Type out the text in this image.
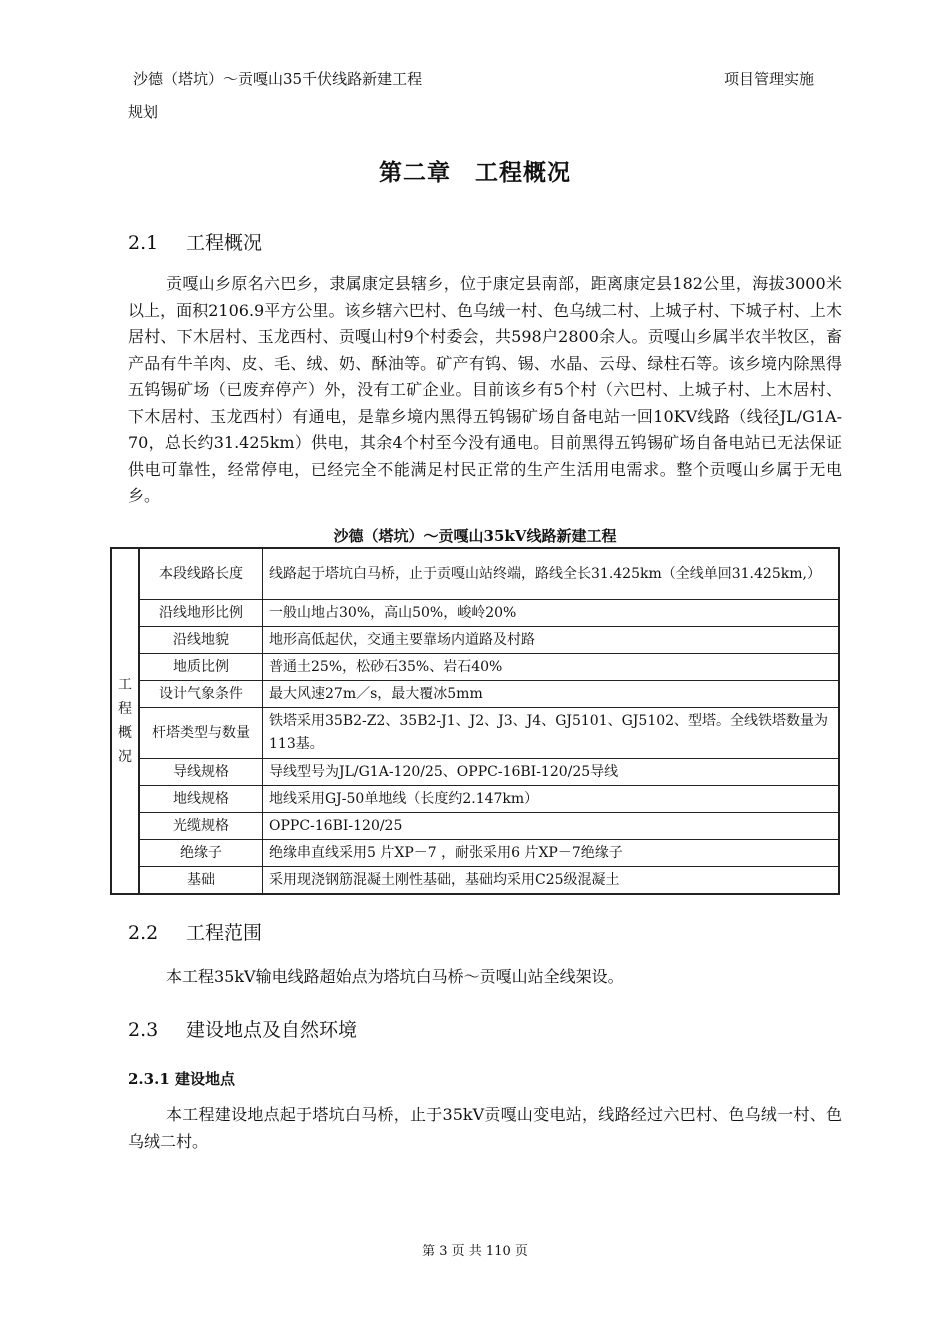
沙德（塔坑）～贡嘎山35千伏线路新建工程	项目管理实施
规划
第二章　工程概况
2.1 工程概况
贡嘎山乡原名六巴乡，隶属康定县辖乡，位于康定县南部，距离康定县182公里，海拔3000米以上，面积2106.9平方公里。该乡辖六巴村、色乌绒一村、色乌绒二村、上城子村、下城子村、上木居村、下木居村、玉龙西村、贡嘎山村9个村委会，共598户2800余人。贡嘎山乡属半农半牧区，畜产品有牛羊肉、皮、毛、绒、奶、酥油等。矿产有钨、锡、水晶、云母、绿柱石等。该乡境内除黑得五钨锡矿场（已废弃停产）外，没有工矿企业。目前该乡有5个村（六巴村、上城子村、上木居村、下木居村、玉龙西村）有通电，是靠乡境内黑得五钨锡矿场自备电站一回10KV线路（线径JL/G1A-70，总长约31.425km）供电，其余4个村至今没有通电。目前黑得五钨锡矿场自备电站已无法保证供电可靠性，经常停电，已经完全不能满足村民正常的生产生活用电需求。整个贡嘎山乡属于无电乡。
沙德（塔坑）～贡嘎山35kV线路新建工程
工
程
概
况	本段线路长度	线路起于塔坑白马桥，止于贡嘎山站终端，路线全长31.425km（全线单回31.425km,）
	沿线地形比例	一般山地占30%，高山50%，峻岭20%
	沿线地貌	地形高低起伏，交通主要靠场内道路及村路
	地质比例	普通土25%，松砂石35%、岩石40%
	设计气象条件	最大风速27m／s，最大覆冰5mm
	杆塔类型与数量	铁塔采用35B2-Z2、35B2-J1、J2、J3、J4、GJ5101、GJ5102、型塔。全线铁塔数量为113基。
	导线规格	导线型号为JL/G1A-120/25、OPPC-16BI-120/25导线
	地线规格	地线采用GJ-50单地线（长度约2.147km）
	光缆规格	OPPC-16BI-120/25
	绝缘子	绝缘串直线采用5 片XP－7 ，耐张采用6 片XP－7绝缘子
	基础	采用现浇钢筋混凝土刚性基础，基础均采用C25级混凝土
2.2 工程范围
本工程35kV输电线路超始点为塔坑白马桥～贡嘎山站全线架设。
2.3 建设地点及自然环境
2.3.1 建设地点
本工程建设地点起于塔坑白马桥，止于35kV贡嘎山变电站，线路经过六巴村、色乌绒一村、色乌绒二村。
第 3 页 共 110 页
